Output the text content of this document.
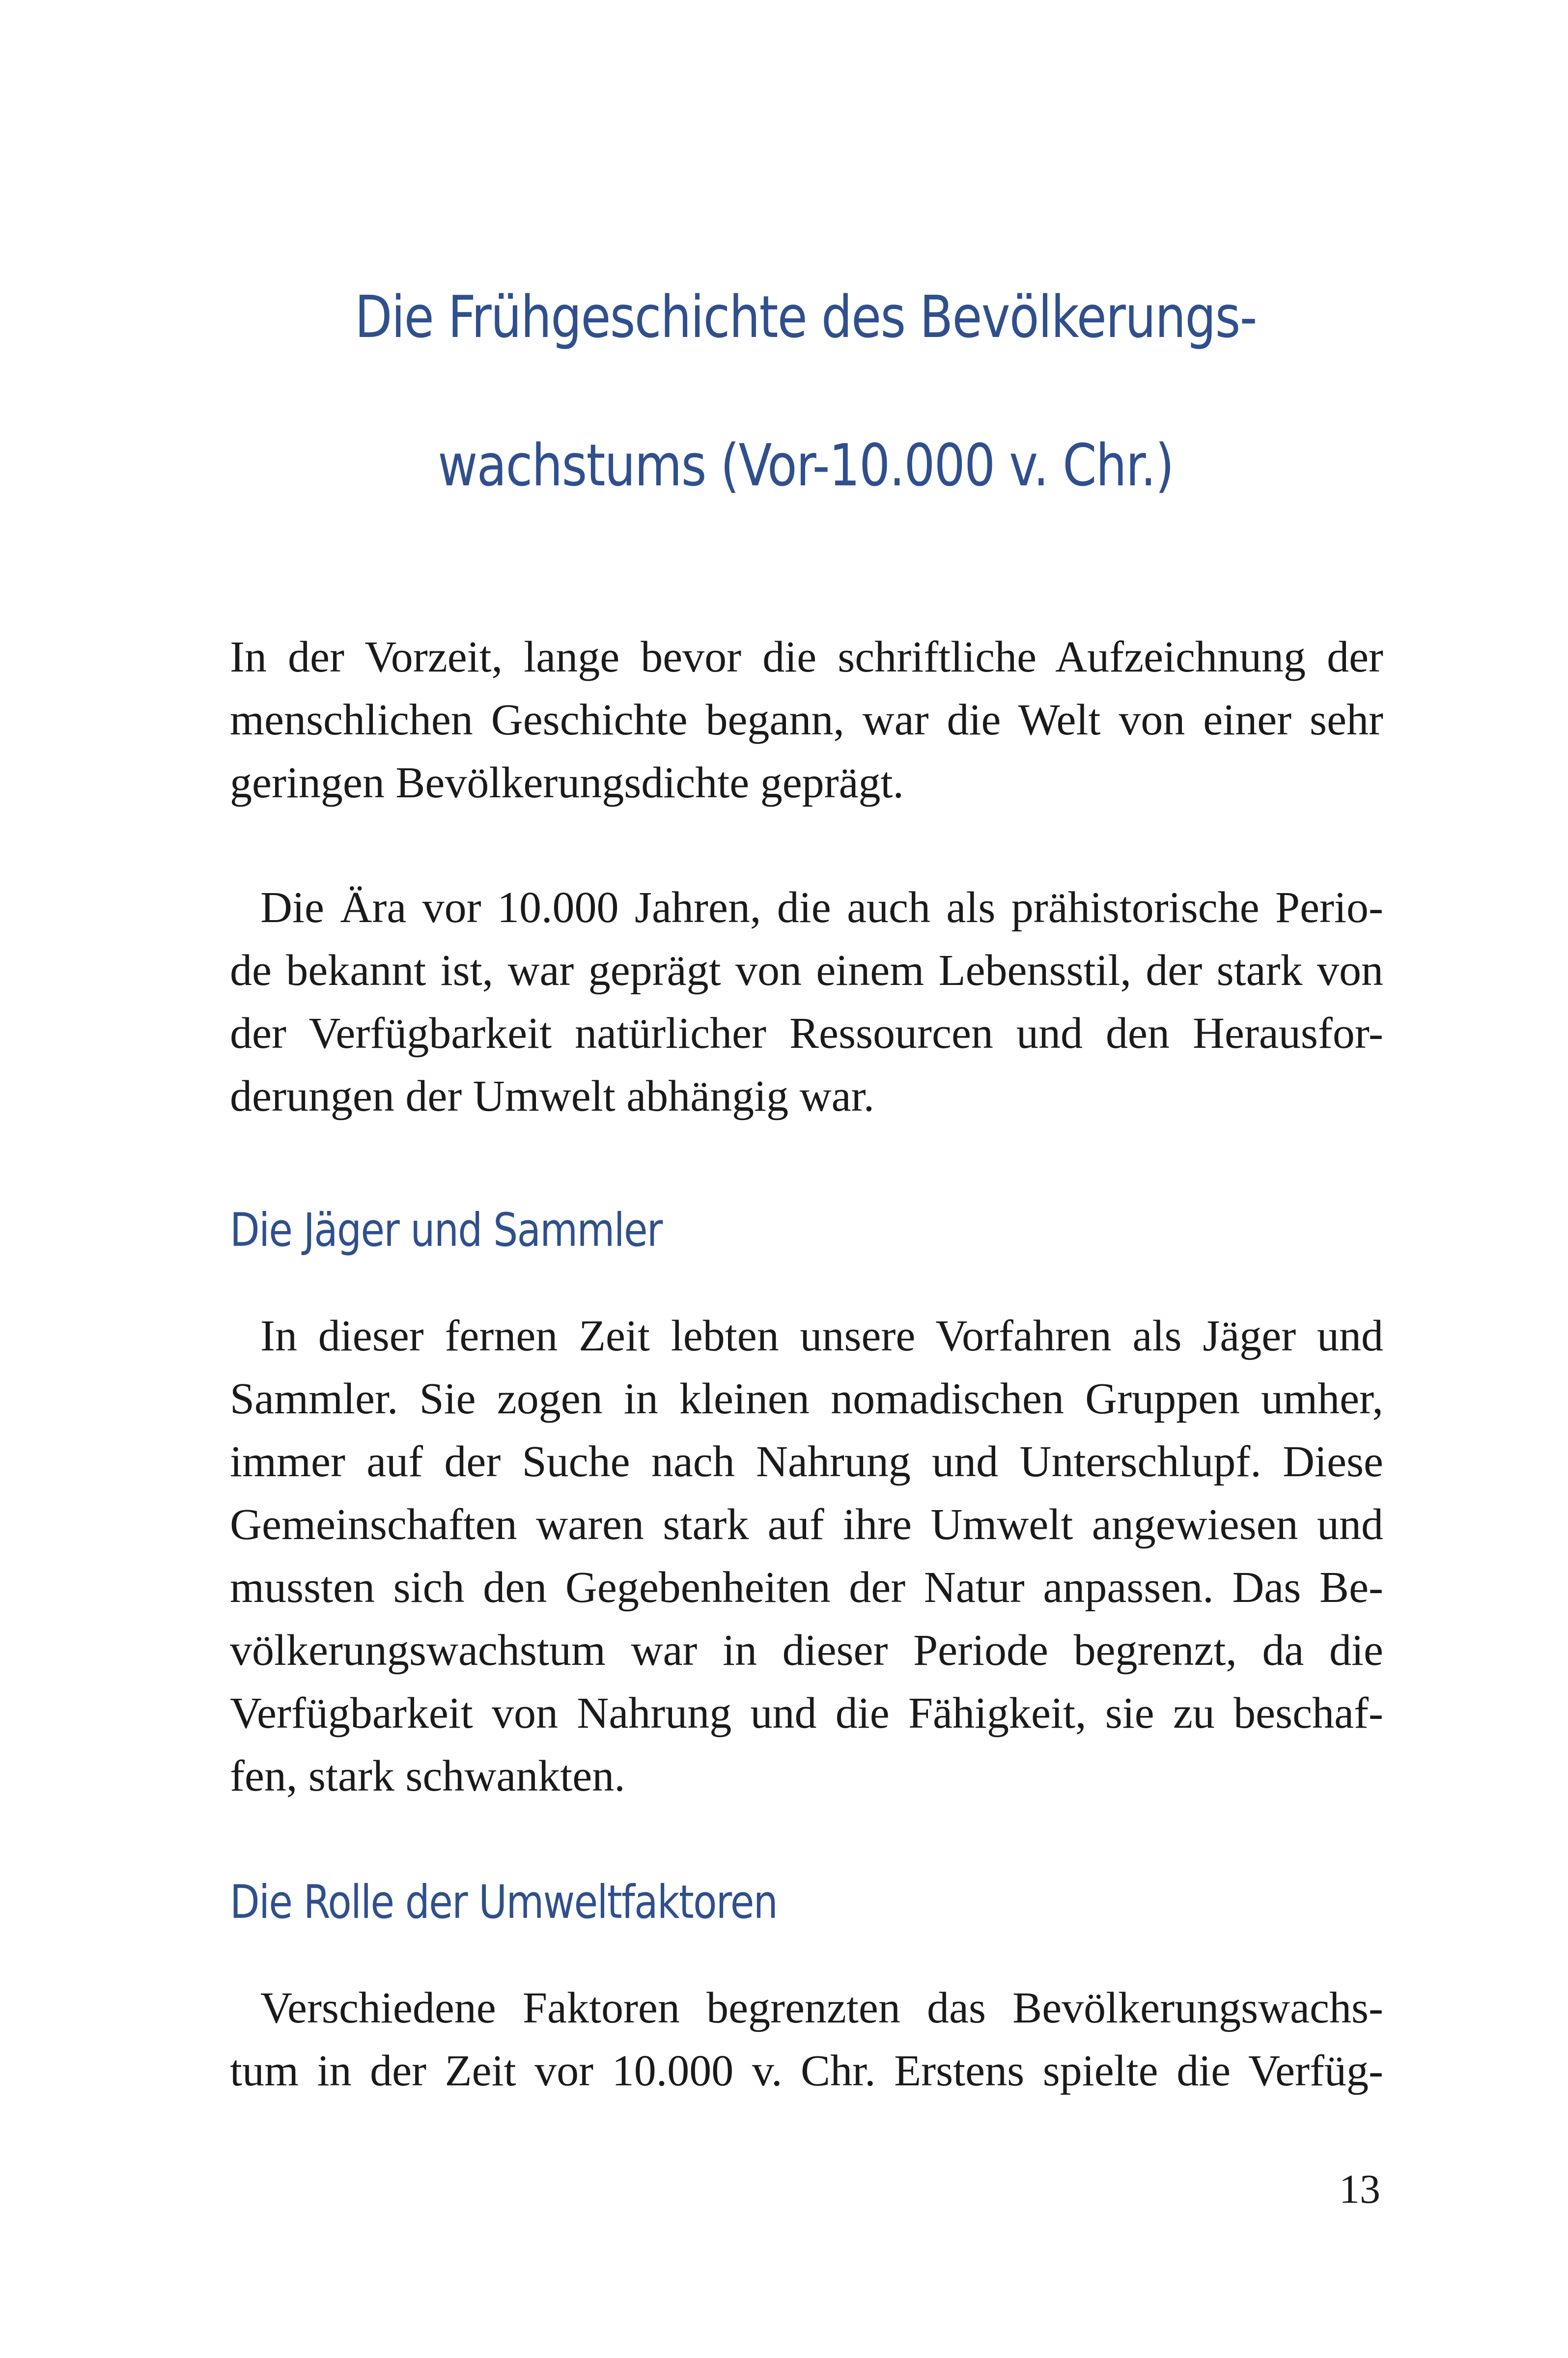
Die Frühgeschichte des Bevölkerungs-
wachstums (Vor-10.000 v. Chr.)

In der Vorzeit, lange bevor die schriftliche Aufzeichnung der
menschlichen Geschichte begann, war die Welt von einer sehr
geringen Bevölkerungsdichte geprägt.

Die Ära vor 10.000 Jahren, die auch als prähistorische Perio-
de bekannt ist, war geprägt von einem Lebensstil, der stark von
der Verfügbarkeit natürlicher Ressourcen und den Herausfor-
derungen der Umwelt abhängig war.

Die Jäger und Sammler

In dieser fernen Zeit lebten unsere Vorfahren als Jäger und
Sammler. Sie zogen in kleinen nomadischen Gruppen umher,
immer auf der Suche nach Nahrung und Unterschlupf. Diese
Gemeinschaften waren stark auf ihre Umwelt angewiesen und
mussten sich den Gegebenheiten der Natur anpassen. Das Be-
völkerungswachstum war in dieser Periode begrenzt, da die
Verfügbarkeit von Nahrung und die Fähigkeit, sie zu beschaf-
fen, stark schwankten.

Die Rolle der Umweltfaktoren

Verschiedene Faktoren begrenzten das Bevölkerungswachs-
tum in der Zeit vor 10.000 v. Chr. Erstens spielte die Verfüg-

13
